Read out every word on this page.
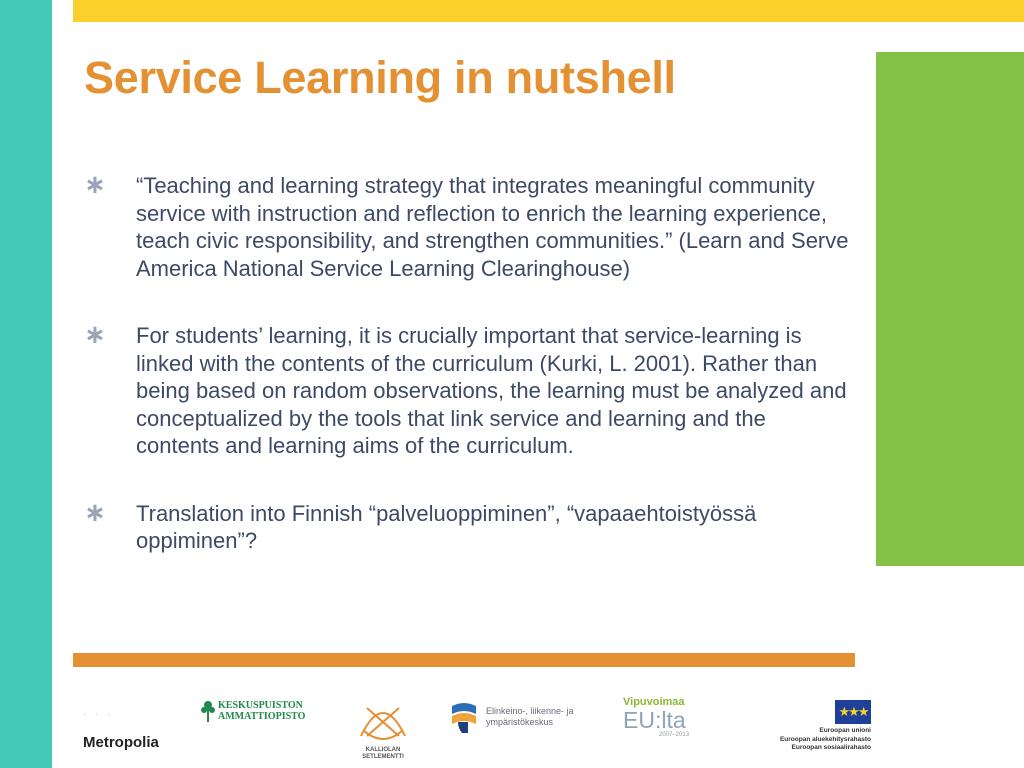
Service Learning in nutshell
∗ “Teaching and learning strategy that integrates meaningful community service with instruction and reflection to enrich the learning experience, teach civic responsibility, and strengthen communities.” (Learn and Serve America National Service Learning Clearinghouse)

∗ For students’ learning, it is crucially important that service-learning is linked with the contents of the curriculum (Kurki, L. 2001). Rather than being based on random observations, the learning must be analyzed and conceptualized by the tools that link service and learning and the contents and learning aims of the curriculum.

∗ Translation into Finnish “palveluoppiminen”, “vapaaehtoistyössä oppiminen”?

· · ·
Metropolia
KESKUSPUISTON
AMMATTIOPISTO
KALLIOLAN
SETLEMENTTI
Elinkeino-, liikenne- ja
ympäristökeskus
Vipuvoimaa
EU:lta
2007–2013
★★★
Euroopan unioni
Euroopan aluekehitysrahasto
Euroopan sosiaalirahasto
